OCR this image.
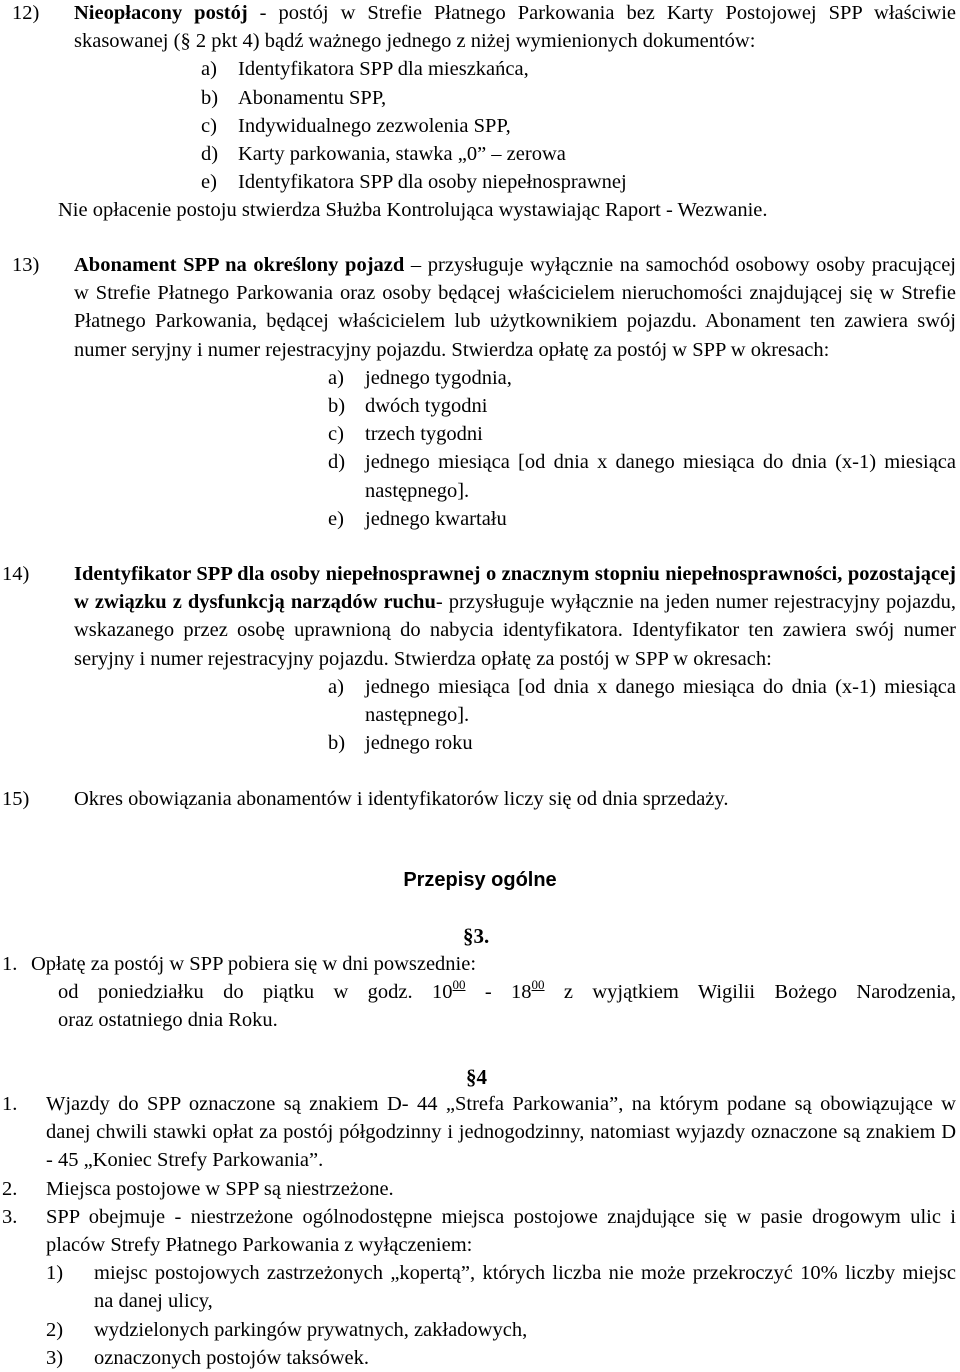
12) Nieopłacony postój - postój w Strefie Płatnego Parkowania bez Karty Postojowej SPP właściwie skasowanej (§ 2 pkt 4) bądź ważnego jednego z niżej wymienionych dokumentów:
a) Identyfikatora SPP dla mieszkańca,
b) Abonamentu SPP,
c) Indywidualnego zezwolenia SPP,
d) Karty parkowania, stawka „0” – zerowa
e) Identyfikatora SPP dla osoby niepełnosprawnej
Nie opłacenie postoju stwierdza Służba Kontrolująca wystawiając Raport - Wezwanie.
13) Abonament SPP na określony pojazd – przysługuje wyłącznie na samochód osobowy osoby pracującej w Strefie Płatnego Parkowania oraz osoby będącej właścicielem nieruchomości znajdującej się w Strefie Płatnego Parkowania, będącej właścicielem lub użytkownikiem pojazdu. Abonament ten zawiera swój numer seryjny i numer rejestracyjny pojazdu. Stwierdza opłatę za postój w SPP w okresach:
a) jednego tygodnia,
b) dwóch tygodni
c) trzech tygodni
d) jednego miesiąca [od dnia x danego miesiąca do dnia (x-1) miesiąca następnego].
e) jednego kwartału
14) Identyfikator SPP dla osoby niepełnosprawnej o znacznym stopniu niepełnosprawności, pozostającej w związku z dysfunkcją narządów ruchu- przysługuje wyłącznie na jeden numer rejestracyjny pojazdu, wskazanego przez osobę uprawnioną do nabycia identyfikatora. Identyfikator ten zawiera swój numer seryjny i numer rejestracyjny pojazdu. Stwierdza opłatę za postój w SPP w okresach:
a) jednego miesiąca [od dnia x danego miesiąca do dnia (x-1) miesiąca następnego].
b) jednego roku
15) Okres obowiązania abonamentów i identyfikatorów liczy się od dnia sprzedaży.
Przepisy ogólne
§3.
1. Opłatę za postój w SPP pobiera się w dni powszednie:
od poniedziałku do piątku w godz. $10^{00} - 18^{00}$ z wyjątkiem Wigilii Bożego Narodzenia,
oraz ostatniego dnia Roku.
§4
1. Wjazdy do SPP oznaczone są znakiem D- 44 „Strefa Parkowania”, na którym podane są obowiązujące w danej chwili stawki opłat za postój półgodzinny i jednogodzinny, natomiast wyjazdy oznaczone są znakiem D - 45 „Koniec Strefy Parkowania”.
2. Miejsca postojowe w SPP są niestrzeżone.
3. SPP obejmuje - niestrzeżone ogólnodostępne miejsca postojowe znajdujące się w pasie drogowym ulic i placów Strefy Płatnego Parkowania z wyłączeniem:
1) miejsc postojowych zastrzeżonych „kopertą”, których liczba nie może przekroczyć 10% liczby miejsc na danej ulicy,
2) wydzielonych parkingów prywatnych, zakładowych,
3) oznaczonych postojów taksówek.
